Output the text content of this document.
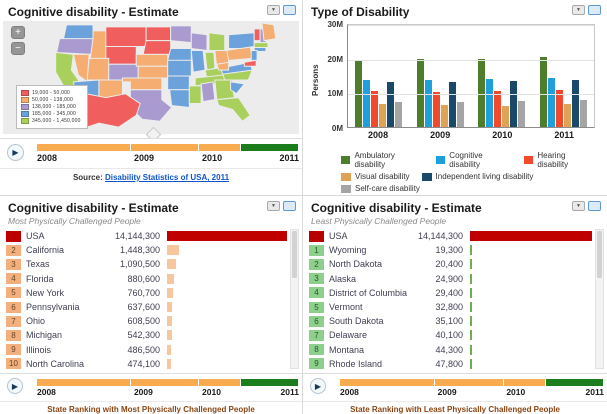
Cognitive disability - Estimate	▼
+
−
19,000 - 50,000
50,000 - 138,000
138,000 - 185,000
185,000 - 345,000
345,000 - 1,450,000
▶
2008	2009	2010	2011
Source: Disability Statistics of USA, 2011
Type of Disability	▼
Persons
2008	2009	2010	2011
0M
10M
20M
30M
Ambulatory disability
Cognitive disability
Hearing disability
Visual disability	Independent living disability
Self-care disability
Cognitive disability - Estimate	▼
Most Physically Challenged People
1	USA	14,144,300
2	California	1,448,300
3	Texas	1,090,500
4	Florida	880,600
5	New York	760,700
6	Pennsylvania	637,600
7	Ohio	608,500
8	Michigan	542,300
9	Illinois	486,500
10 North Carolina	474,100
▶
2008	2009	2010	2011
State Ranking with Most Physically Challenged People
Cognitive disability - Estimate	▼
Least Physically Challenged People
53 USA	14,144,300
1	Wyoming	19,300
2	North Dakota	20,400
3	Alaska	24,900
4	District of Columbia	29,400
5	Vermont	32,800
6	South Dakota	35,100
7	Delaware	40,100
8	Montana	44,300
9	Rhode Island	47,800
▶
2008	2009	2010	2011
State Ranking with Least Physically Challenged People
